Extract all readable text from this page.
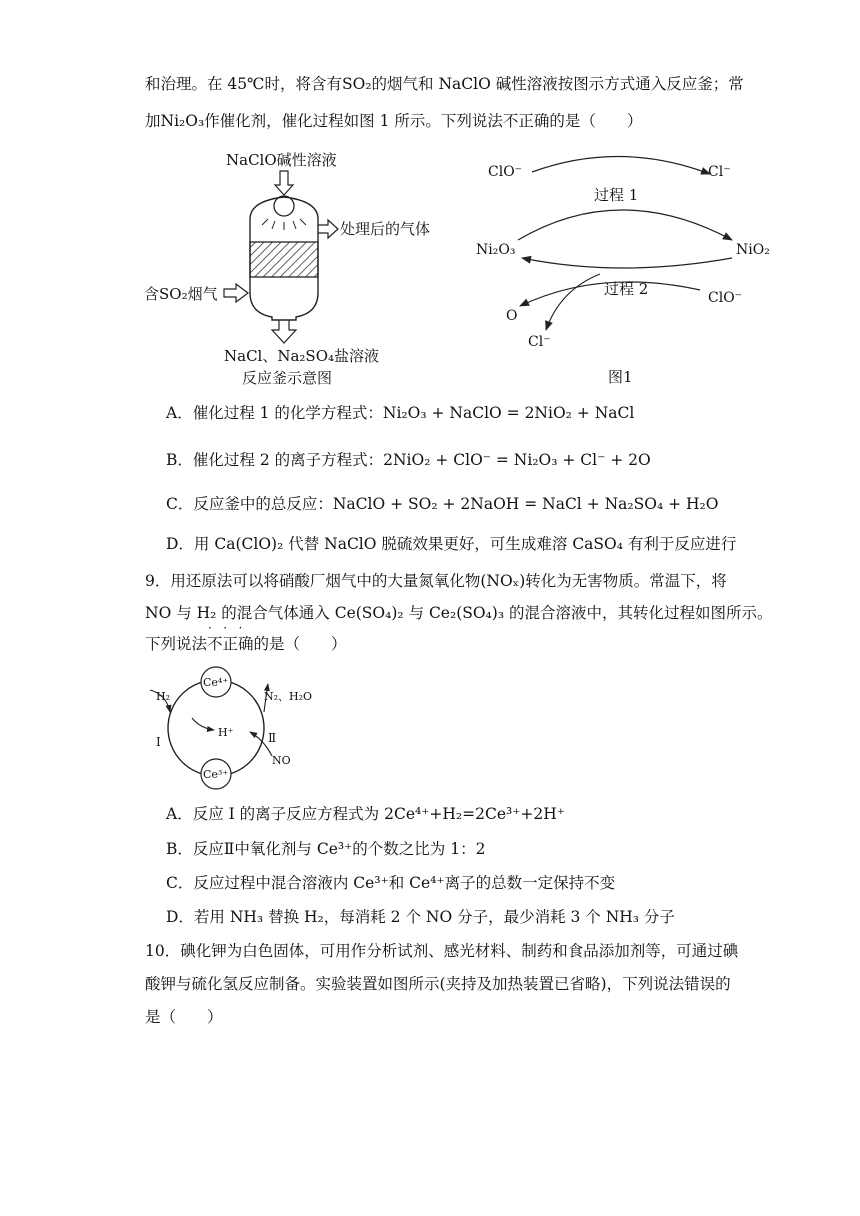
和治理。在 45℃时，将含有SO₂的烟气和 NaClO 碱性溶液按图示方式通入反应釜；常
加Ni₂O₃作催化剂，催化过程如图 1 所示。下列说法不正确的是（　　）
NaClO碱性溶液
处理后的气体
含SO₂烟气
NaCl、Na₂SO₄盐溶液
反应釜示意图
ClO⁻	Cl⁻
过程 1
Ni₂O₃	NiO₂
过程 2	ClO⁻
O
Cl⁻
图1
A．催化过程 1 的化学方程式：Ni₂O₃ + NaClO = 2NiO₂ + NaCl
B．催化过程 2 的离子方程式：2NiO₂ + ClO⁻ = Ni₂O₃ + Cl⁻ + 2O
C．反应釜中的总反应：NaClO + SO₂ + 2NaOH = NaCl + Na₂SO₄ + H₂O
D．用 Ca(ClO)₂ 代替 NaClO 脱硫效果更好，可生成难溶 CaSO₄ 有利于反应进行
9．用还原法可以将硝酸厂烟气中的大量氮氧化物(NOₓ)转化为无害物质。常温下，将
NO 与 H₂ 的混合气体通入 Ce(SO₄)₂ 与 Ce₂(SO₄)₃ 的混合溶液中，其转化过程如图所示。
下列说法不正确的是（　　）
·   ·   ·
Ce⁴⁺
Ce³⁺
H₂
H⁺
N₂、H₂O
NO
I	Ⅱ
A．反应 I 的离子反应方程式为 2Ce⁴⁺+H₂=2Ce³⁺+2H⁺
B．反应Ⅱ中氧化剂与 Ce³⁺的个数之比为 1：2
C．反应过程中混合溶液内 Ce³⁺和 Ce⁴⁺离子的总数一定保持不变
D．若用 NH₃ 替换 H₂，每消耗 2 个 NO 分子，最少消耗 3 个 NH₃ 分子
10．碘化钾为白色固体，可用作分析试剂、感光材料、制药和食品添加剂等，可通过碘
酸钾与硫化氢反应制备。实验装置如图所示(夹持及加热装置已省略)，下列说法错误的
是（　　）
